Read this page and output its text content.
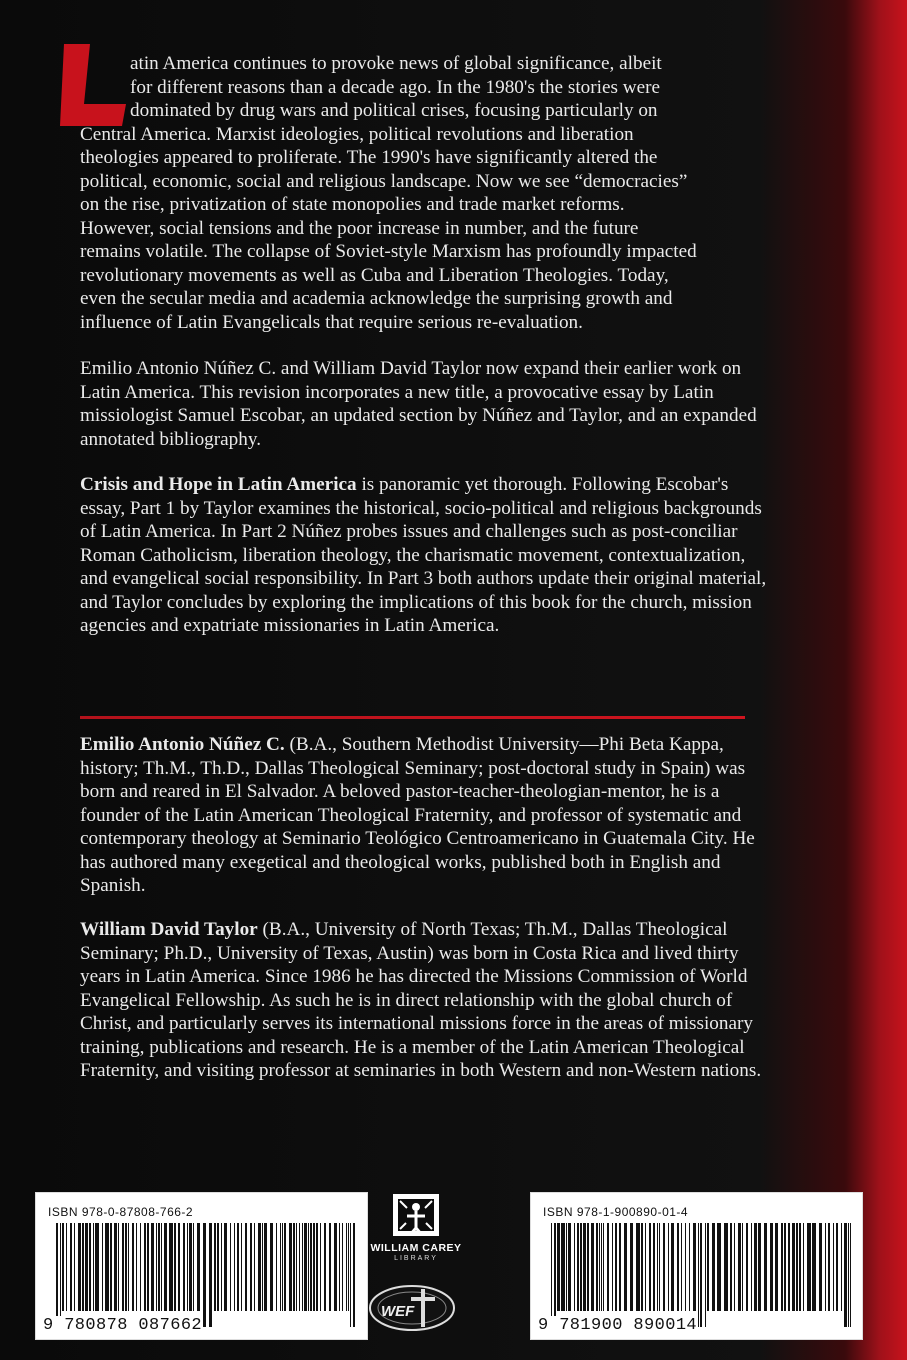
atin America continues to provoke news of global significance, albeit
for different reasons than a decade ago. In the 1980's the stories were
dominated by drug wars and political crises, focusing particularly on
Central America. Marxist ideologies, political revolutions and liberation
theologies appeared to proliferate. The 1990's have significantly altered the
political, economic, social and religious landscape. Now we see “democracies”
on the rise, privatization of state monopolies and trade market reforms.
However, social tensions and the poor increase in number, and the future
remains volatile. The collapse of Soviet-style Marxism has profoundly impacted
revolutionary movements as well as Cuba and Liberation Theologies. Today,
even the secular media and academia acknowledge the surprising growth and
influence of Latin Evangelicals that require serious re-evaluation.
Emilio Antonio Núñez C. and William David Taylor now expand their earlier work on Latin America. This revision incorporates a new title, a provocative essay by Latin missiologist Samuel Escobar, an updated section by Núñez and Taylor, and an expanded annotated bibliography.
Crisis and Hope in Latin America is panoramic yet thorough. Following Escobar's essay, Part 1 by Taylor examines the historical, socio-political and religious backgrounds of Latin America. In Part 2 Núñez probes issues and challenges such as post-conciliar Roman Catholicism, liberation theology, the charismatic movement, contextualization, and evangelical social responsibility. In Part 3 both authors update their original material, and Taylor concludes by exploring the implications of this book for the church, mission agencies and expatriate missionaries in Latin America.
Emilio Antonio Núñez C. (B.A., Southern Methodist University—Phi Beta Kappa, history; Th.M., Th.D., Dallas Theological Seminary; post-doctoral study in Spain) was born and reared in El Salvador. A beloved pastor-teacher-theologian-mentor, he is a founder of the Latin American Theological Fraternity, and professor of systematic and contemporary theology at Seminario Teológico Centroamericano in Guatemala City. He has authored many exegetical and theological works, published both in English and Spanish.
William David Taylor (B.A., University of North Texas; Th.M., Dallas Theological Seminary; Ph.D., University of Texas, Austin) was born in Costa Rica and lived thirty years in Latin America. Since 1986 he has directed the Missions Commission of World Evangelical Fellowship. As such he is in direct relationship with the global church of Christ, and particularly serves its international missions force in the areas of missionary training, publications and research. He is a member of the Latin American Theological Fraternity, and visiting professor at seminaries in both Western and non-Western nations.
ISBN 978-0-87808-766-2
9 780878 087662
WILLIAM CAREY
LIBRARY
WEF
ISBN 978-1-900890-01-4
9 781900 890014
